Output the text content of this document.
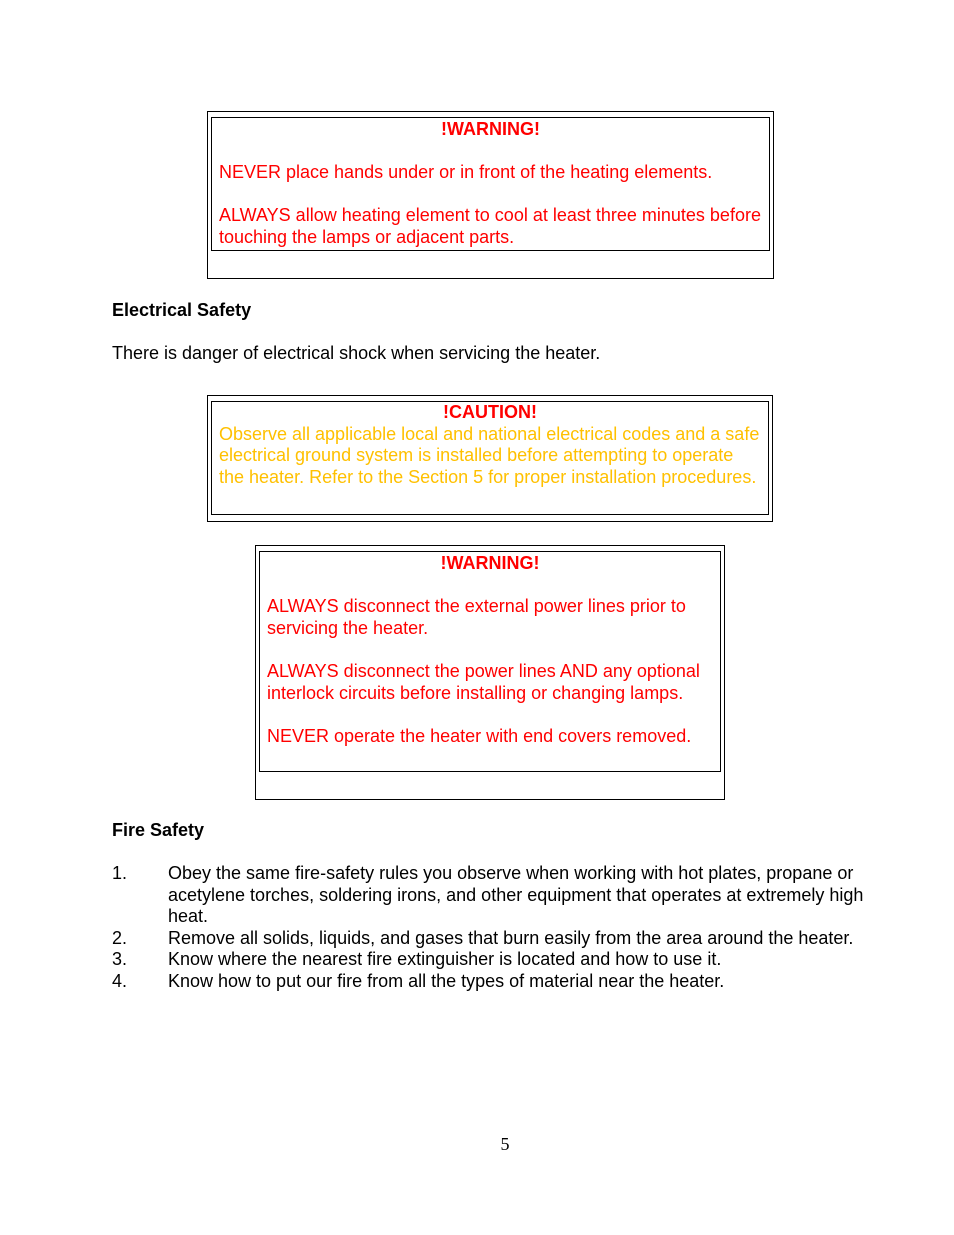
!WARNING!

NEVER place hands under or in front of the heating elements.

ALWAYS allow heating element to cool at least three minutes before touching the lamps or adjacent parts.

Electrical Safety

There is danger of electrical shock when servicing the heater.

!CAUTION!

Observe all applicable local and national electrical codes and a safe electrical ground system is installed before attempting to operate the heater. Refer to the Section 5 for proper installation procedures.

!WARNING!

ALWAYS disconnect the external power lines prior to servicing the heater.

ALWAYS disconnect the power lines AND any optional interlock circuits before installing or changing lamps.

NEVER operate the heater with end covers removed.

Fire Safety

1. Obey the same fire-safety rules you observe when working with hot plates, propane or acetylene torches, soldering irons, and other equipment that operates at extremely high heat.
2. Remove all solids, liquids, and gases that burn easily from the area around the heater.
3. Know where the nearest fire extinguisher is located and how to use it.
4. Know how to put our fire from all the types of material near the heater.

5
